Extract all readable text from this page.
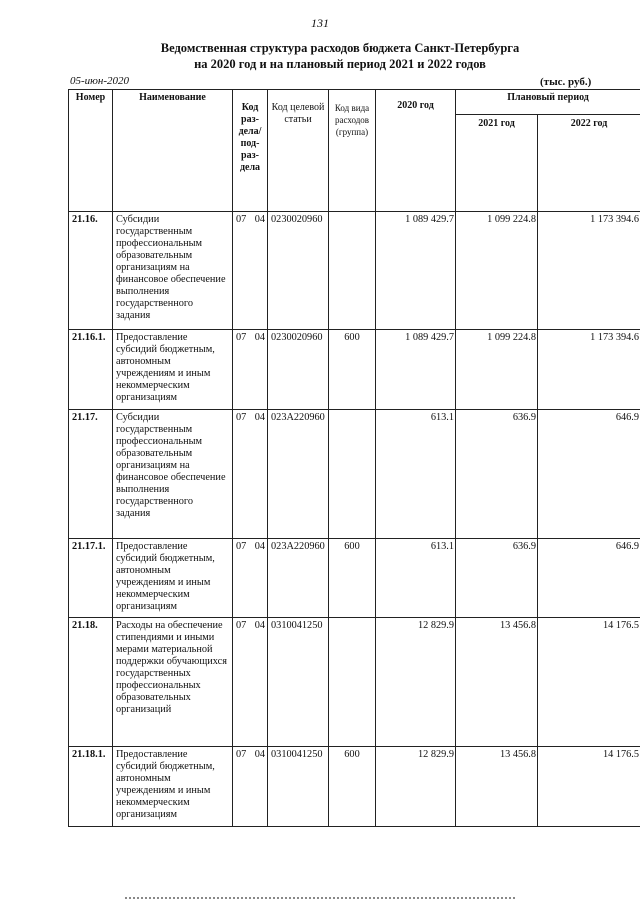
131
Ведомственная структура расходов бюджета Санкт-Петербурга
на 2020 год и на плановый период 2021 и 2022 годов
05-июн-2020	(тыс. руб.)
Номер	Наименование	Код раз-дела/ под-раз-дела		Код целевой статьи	Код вида расходов (группа)	2020 год	Плановый период	
							2021 год	2022 год
21.16.	Субсидии государственным профессиональным образовательным организациям на финансовое обеспечение выполнения государственного задания	07	04	0230020960		1 089 429.7	1 099 224.8	1 173 394.6
21.16.1.	Предоставление субсидий бюджетным, автономным учреждениям и иным некоммерческим организациям	07	04	0230020960	600	1 089 429.7	1 099 224.8	1 173 394.6
21.17.	Субсидии государственным профессиональным образовательным организациям на финансовое обеспечение выполнения государственного задания	07	04	023А220960		613.1	636.9	646.9
21.17.1.	Предоставление субсидий бюджетным, автономным учреждениям и иным некоммерческим организациям	07	04	023А220960	600	613.1	636.9	646.9
21.18.	Расходы на обеспечение стипендиями и иными мерами материальной поддержки обучающихся государственных профессиональных образовательных организаций	07	04	0310041250		12 829.9	13 456.8	14 176.5
21.18.1.	Предоставление субсидий бюджетным, автономным учреждениям и иным некоммерческим организациям	07	04	0310041250	600	12 829.9	13 456.8	14 176.5
